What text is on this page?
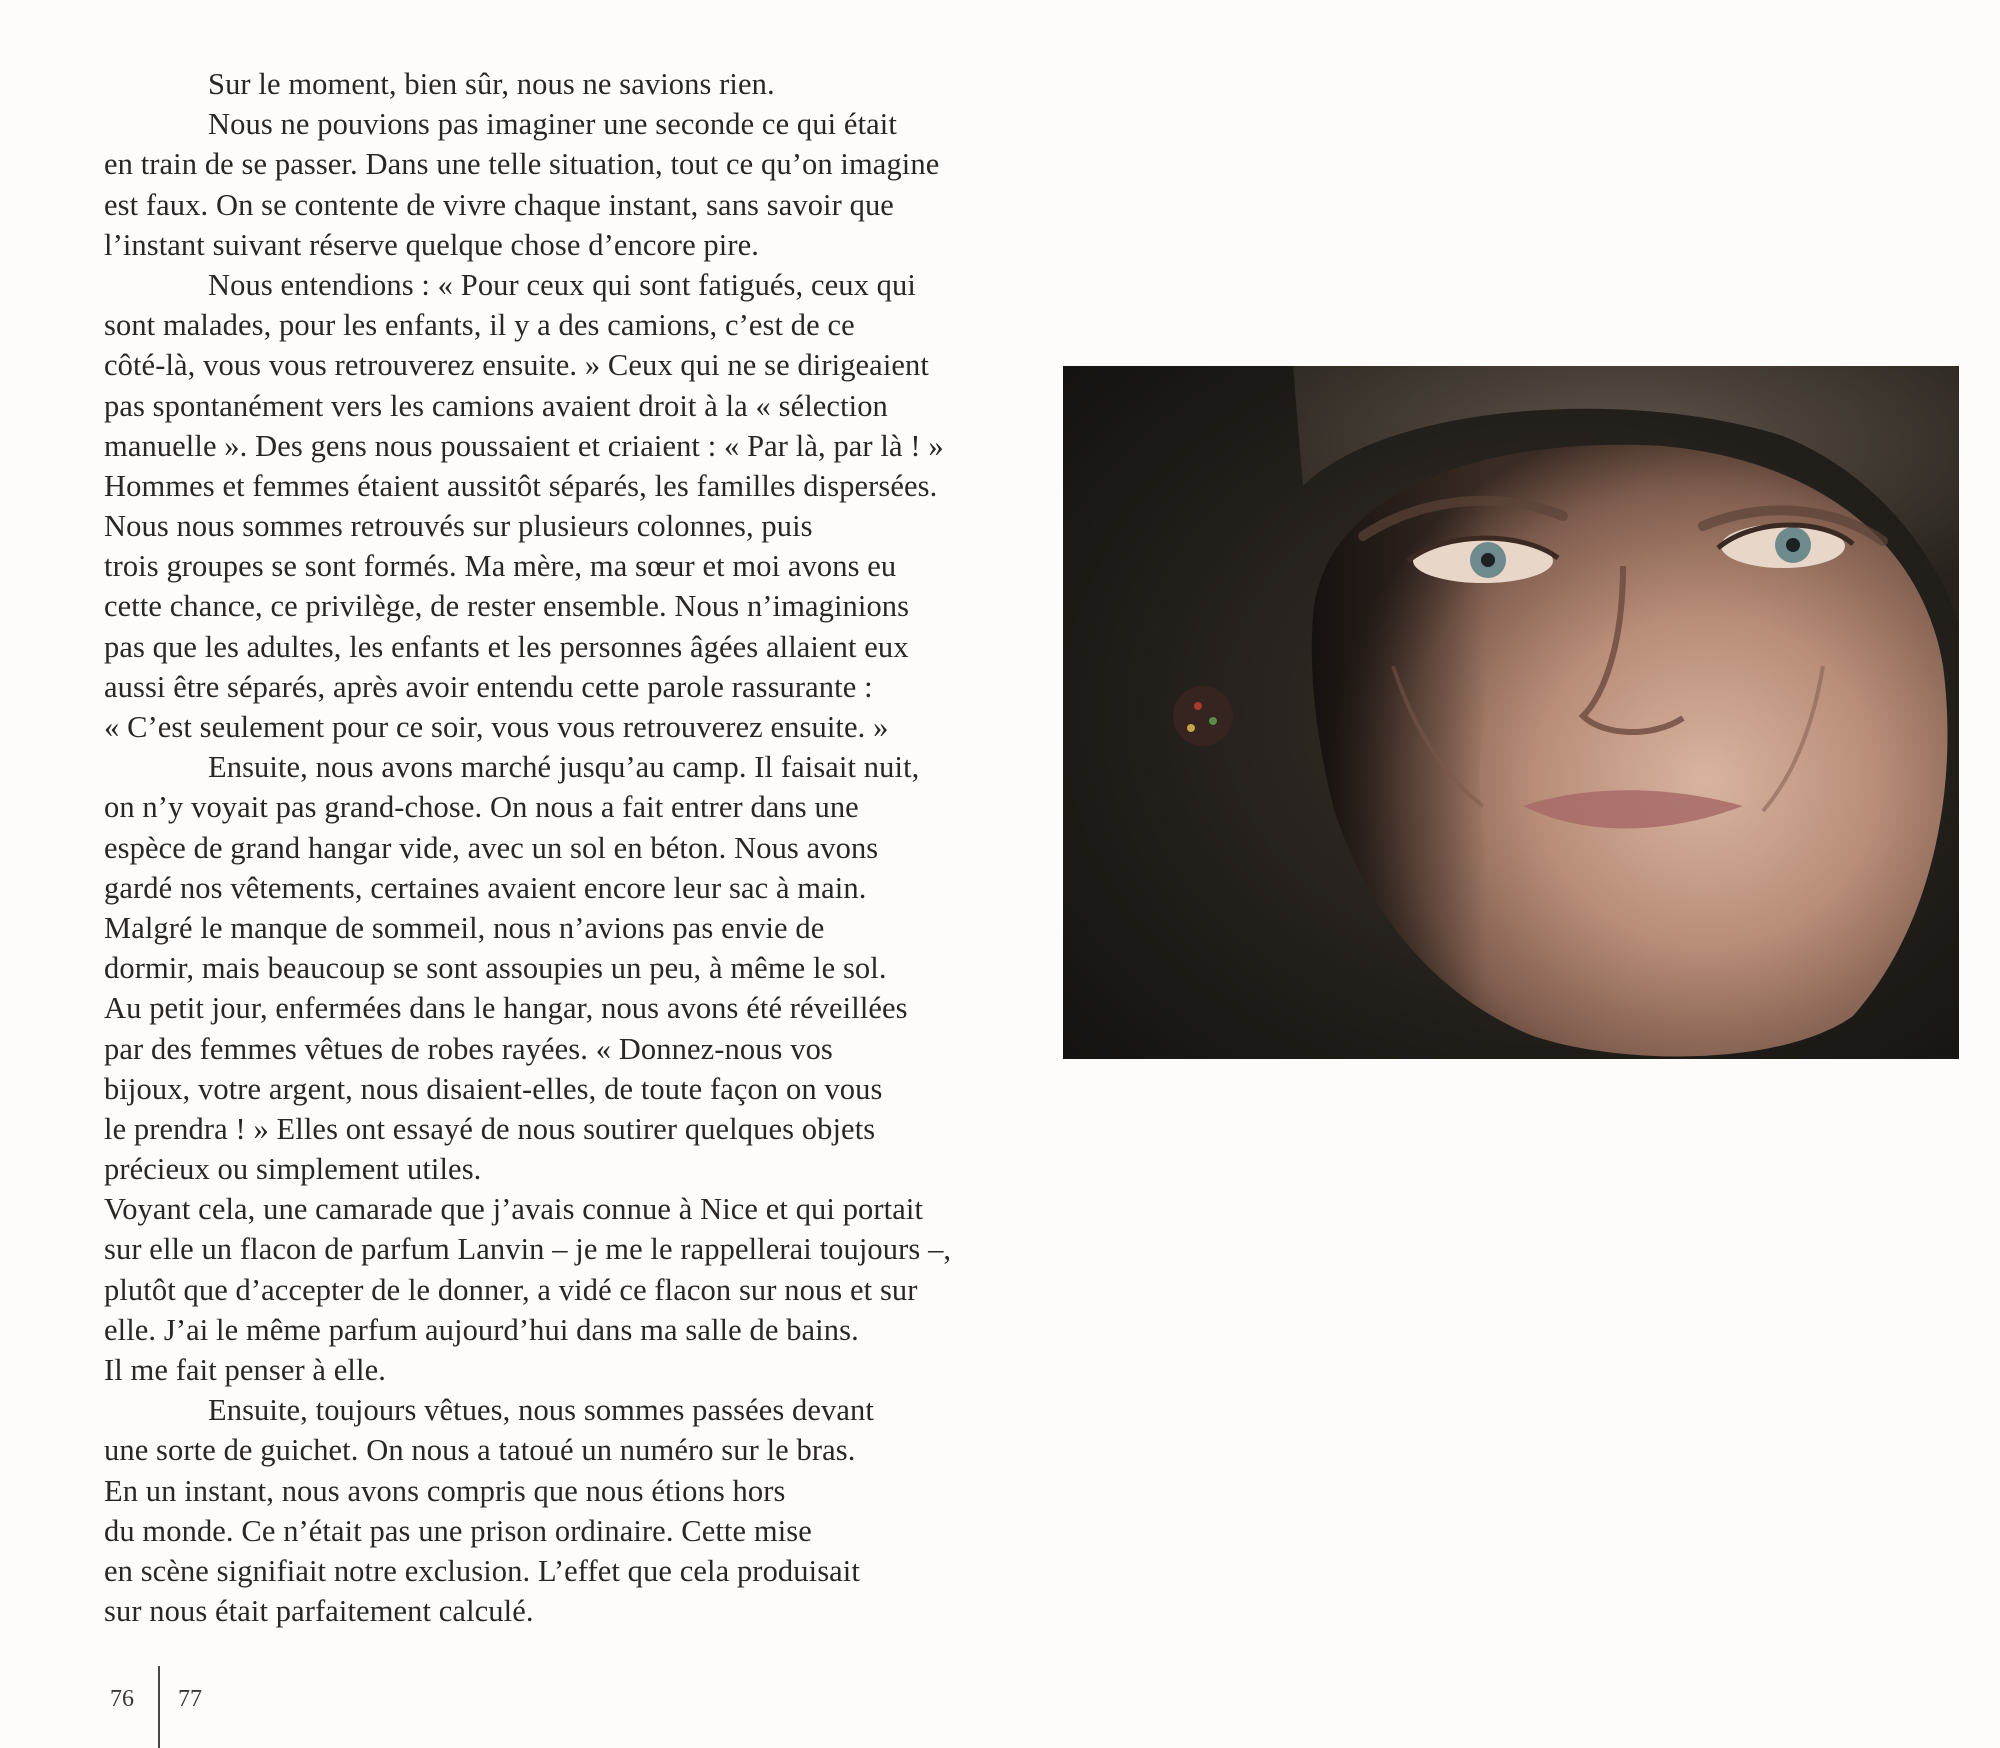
Sur le moment, bien sûr, nous ne savions rien.
Nous ne pouvions pas imaginer une seconde ce qui était
en train de se passer. Dans une telle situation, tout ce qu’on imagine
est faux. On se contente de vivre chaque instant, sans savoir que
l’instant suivant réserve quelque chose d’encore pire.
Nous entendions : « Pour ceux qui sont fatigués, ceux qui
sont malades, pour les enfants, il y a des camions, c’est de ce
côté-là, vous vous retrouverez ensuite. » Ceux qui ne se dirigeaient
pas spontanément vers les camions avaient droit à la « sélection
manuelle ». Des gens nous poussaient et criaient : « Par là, par là ! »
Hommes et femmes étaient aussitôt séparés, les familles dispersées.
Nous nous sommes retrouvés sur plusieurs colonnes, puis
trois groupes se sont formés. Ma mère, ma sœur et moi avons eu
cette chance, ce privilège, de rester ensemble. Nous n’imaginions
pas que les adultes, les enfants et les personnes âgées allaient eux
aussi être séparés, après avoir entendu cette parole rassurante :
« C’est seulement pour ce soir, vous vous retrouverez ensuite. »
Ensuite, nous avons marché jusqu’au camp. Il faisait nuit,
on n’y voyait pas grand-chose. On nous a fait entrer dans une
espèce de grand hangar vide, avec un sol en béton. Nous avons
gardé nos vêtements, certaines avaient encore leur sac à main.
Malgré le manque de sommeil, nous n’avions pas envie de
dormir, mais beaucoup se sont assoupies un peu, à même le sol.
Au petit jour, enfermées dans le hangar, nous avons été réveillées
par des femmes vêtues de robes rayées. « Donnez-nous vos
bijoux, votre argent, nous disaient-elles, de toute façon on vous
le prendra ! » Elles ont essayé de nous soutirer quelques objets
précieux ou simplement utiles.
Voyant cela, une camarade que j’avais connue à Nice et qui portait
sur elle un flacon de parfum Lanvin – je me le rappellerai toujours –,
plutôt que d’accepter de le donner, a vidé ce flacon sur nous et sur
elle. J’ai le même parfum aujourd’hui dans ma salle de bains.
Il me fait penser à elle.
Ensuite, toujours vêtues, nous sommes passées devant
une sorte de guichet. On nous a tatoué un numéro sur le bras.
En un instant, nous avons compris que nous étions hors
du monde. Ce n’était pas une prison ordinaire. Cette mise
en scène signifiait notre exclusion. L’effet que cela produisait
sur nous était parfaitement calculé.
76 77
